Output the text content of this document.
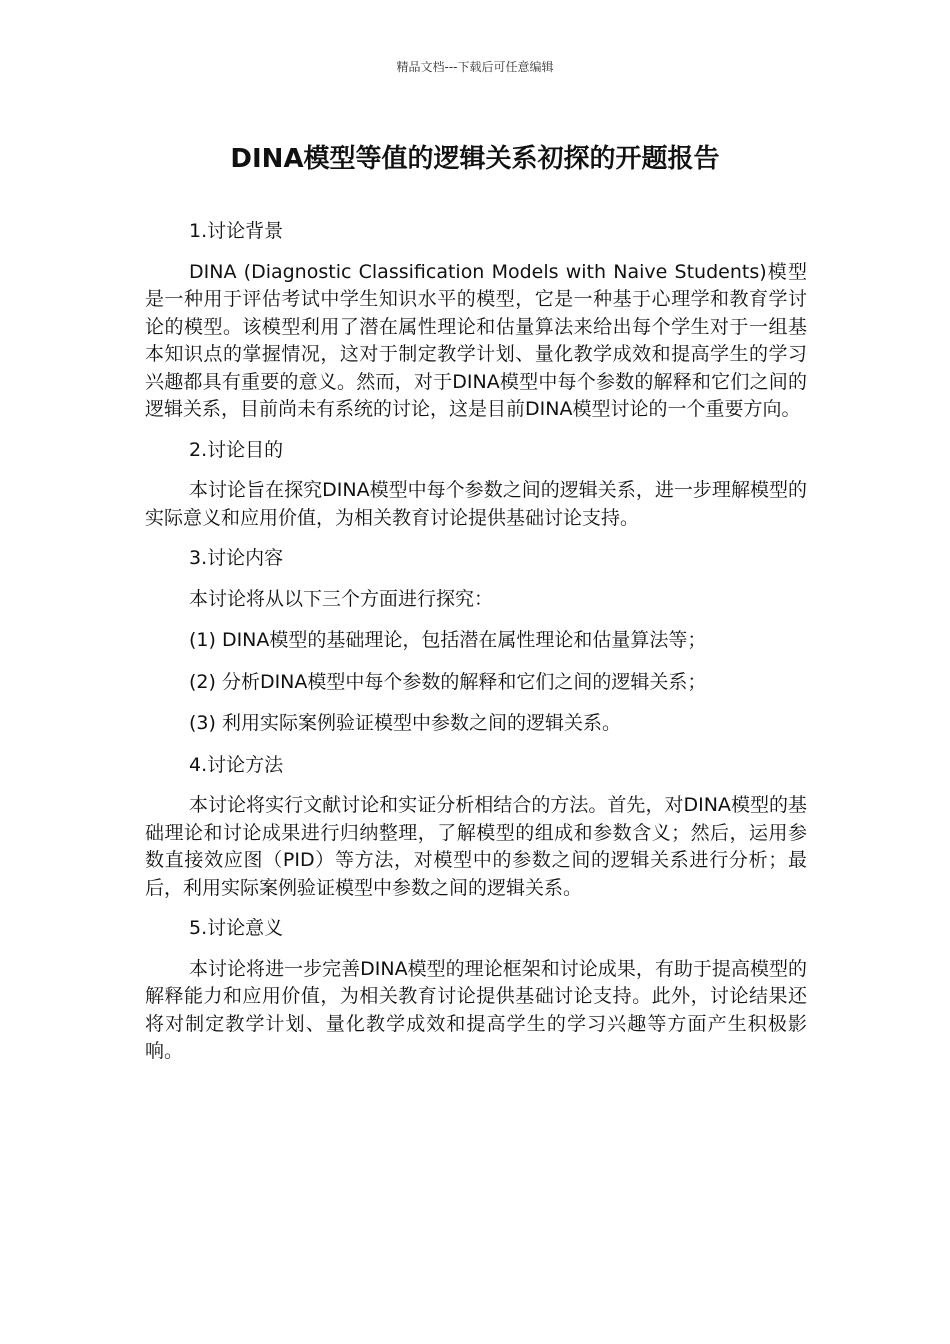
精品文档---下载后可任意编辑
DINA模型等值的逻辑关系初探的开题报告
1.讨论背景
DINA (Diagnostic Classification Models with Naive Students)模型是一种用于评估考试中学生知识水平的模型，它是一种基于心理学和教育学讨论的模型。该模型利用了潜在属性理论和估量算法来给出每个学生对于一组基本知识点的掌握情况，这对于制定教学计划、量化教学成效和提高学生的学习兴趣都具有重要的意义。然而，对于DINA模型中每个参数的解释和它们之间的逻辑关系，目前尚未有系统的讨论，这是目前DINA模型讨论的一个重要方向。
2.讨论目的
本讨论旨在探究DINA模型中每个参数之间的逻辑关系，进一步理解模型的实际意义和应用价值，为相关教育讨论提供基础讨论支持。
3.讨论内容
本讨论将从以下三个方面进行探究：
(1) DINA模型的基础理论，包括潜在属性理论和估量算法等；
(2) 分析DINA模型中每个参数的解释和它们之间的逻辑关系；
(3) 利用实际案例验证模型中参数之间的逻辑关系。
4.讨论方法
本讨论将实行文献讨论和实证分析相结合的方法。首先，对DINA模型的基础理论和讨论成果进行归纳整理，了解模型的组成和参数含义；然后，运用参数直接效应图（PID）等方法，对模型中的参数之间的逻辑关系进行分析；最后，利用实际案例验证模型中参数之间的逻辑关系。
5.讨论意义
本讨论将进一步完善DINA模型的理论框架和讨论成果，有助于提高模型的解释能力和应用价值，为相关教育讨论提供基础讨论支持。此外，讨论结果还将对制定教学计划、量化教学成效和提高学生的学习兴趣等方面产生积极影响。
